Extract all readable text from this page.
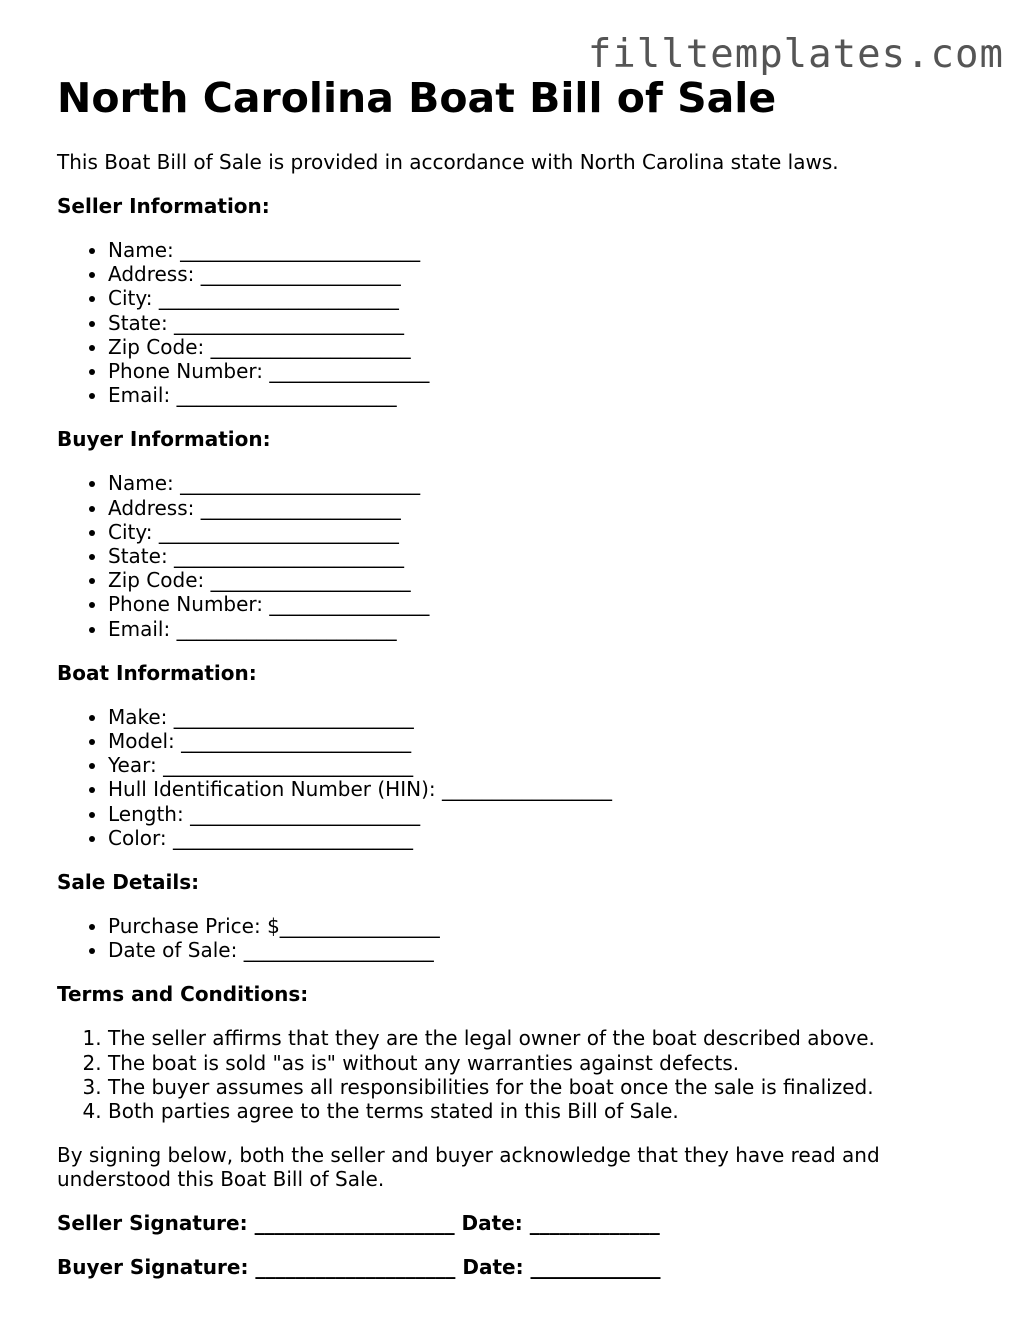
filltemplates.com
North Carolina Boat Bill of Sale

This Boat Bill of Sale is provided in accordance with North Carolina state laws.

Seller Information:

• Name: ________________________
• Address: ____________________
• City: ________________________
• State: _______________________
• Zip Code: ____________________
• Phone Number: ________________
• Email: ______________________

Buyer Information:

• Name: ________________________
• Address: ____________________
• City: ________________________
• State: _______________________
• Zip Code: ____________________
• Phone Number: ________________
• Email: ______________________

Boat Information:

• Make: ________________________
• Model: _______________________
• Year: _________________________
• Hull Identification Number (HIN): _________________
• Length: _______________________
• Color: ________________________

Sale Details:

• Purchase Price: $________________
• Date of Sale: ___________________

Terms and Conditions:

1. The seller affirms that they are the legal owner of the boat described above.
2. The boat is sold "as is" without any warranties against defects.
3. The buyer assumes all responsibilities for the boat once the sale is finalized.
4. Both parties agree to the terms stated in this Bill of Sale.

By signing below, both the seller and buyer acknowledge that they have read and understood this Boat Bill of Sale.

Seller Signature: ____________________ Date: _____________

Buyer Signature: ____________________ Date: _____________
